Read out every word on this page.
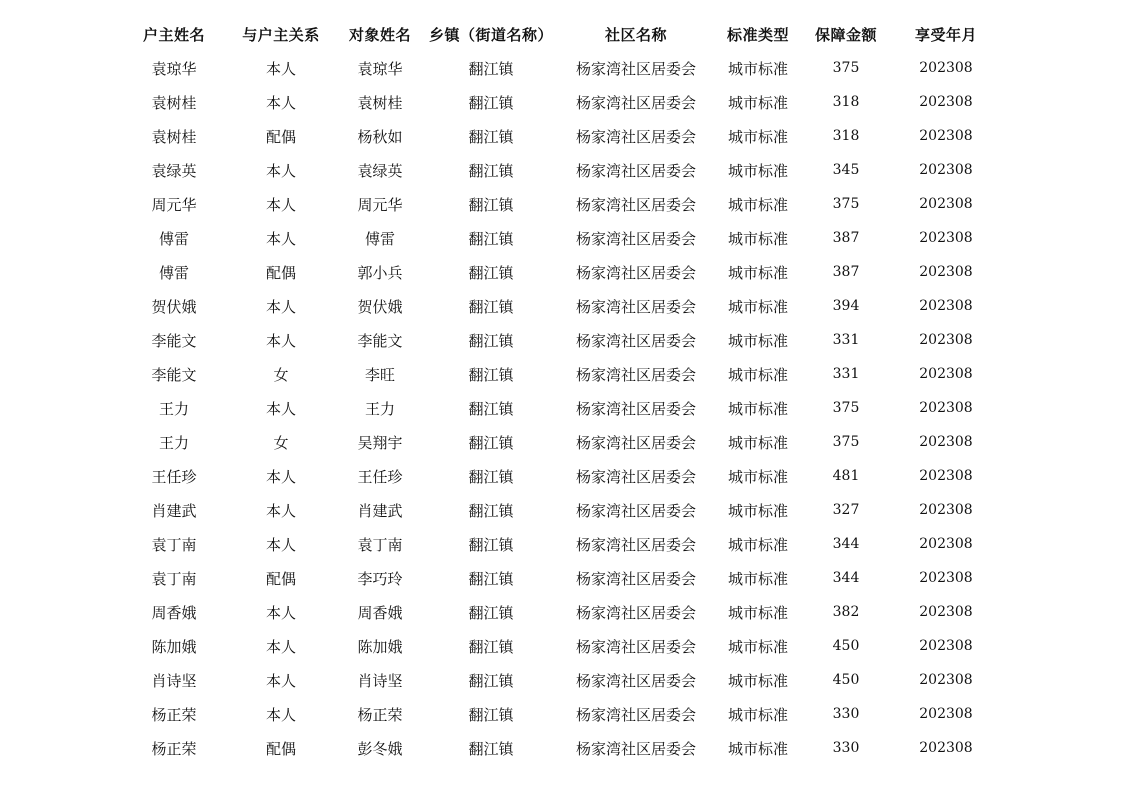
户主姓名	与户主关系	对象姓名	乡镇（街道名称）	社区名称	标准类型	保障金额	享受年月
袁琼华	本人	袁琼华	翻江镇	杨家湾社区居委会	城市标准	375	202308
袁树桂	本人	袁树桂	翻江镇	杨家湾社区居委会	城市标准	318	202308
袁树桂	配偶	杨秋如	翻江镇	杨家湾社区居委会	城市标准	318	202308
袁绿英	本人	袁绿英	翻江镇	杨家湾社区居委会	城市标准	345	202308
周元华	本人	周元华	翻江镇	杨家湾社区居委会	城市标准	375	202308
傅雷	本人	傅雷	翻江镇	杨家湾社区居委会	城市标准	387	202308
傅雷	配偶	郭小兵	翻江镇	杨家湾社区居委会	城市标准	387	202308
贺伏娥	本人	贺伏娥	翻江镇	杨家湾社区居委会	城市标准	394	202308
李能文	本人	李能文	翻江镇	杨家湾社区居委会	城市标准	331	202308
李能文	女	李旺	翻江镇	杨家湾社区居委会	城市标准	331	202308
王力	本人	王力	翻江镇	杨家湾社区居委会	城市标准	375	202308
王力	女	吴翔宇	翻江镇	杨家湾社区居委会	城市标准	375	202308
王任珍	本人	王任珍	翻江镇	杨家湾社区居委会	城市标准	481	202308
肖建武	本人	肖建武	翻江镇	杨家湾社区居委会	城市标准	327	202308
袁丁南	本人	袁丁南	翻江镇	杨家湾社区居委会	城市标准	344	202308
袁丁南	配偶	李巧玲	翻江镇	杨家湾社区居委会	城市标准	344	202308
周香娥	本人	周香娥	翻江镇	杨家湾社区居委会	城市标准	382	202308
陈加娥	本人	陈加娥	翻江镇	杨家湾社区居委会	城市标准	450	202308
肖诗坚	本人	肖诗坚	翻江镇	杨家湾社区居委会	城市标准	450	202308
杨正荣	本人	杨正荣	翻江镇	杨家湾社区居委会	城市标准	330	202308
杨正荣	配偶	彭冬娥	翻江镇	杨家湾社区居委会	城市标准	330	202308
